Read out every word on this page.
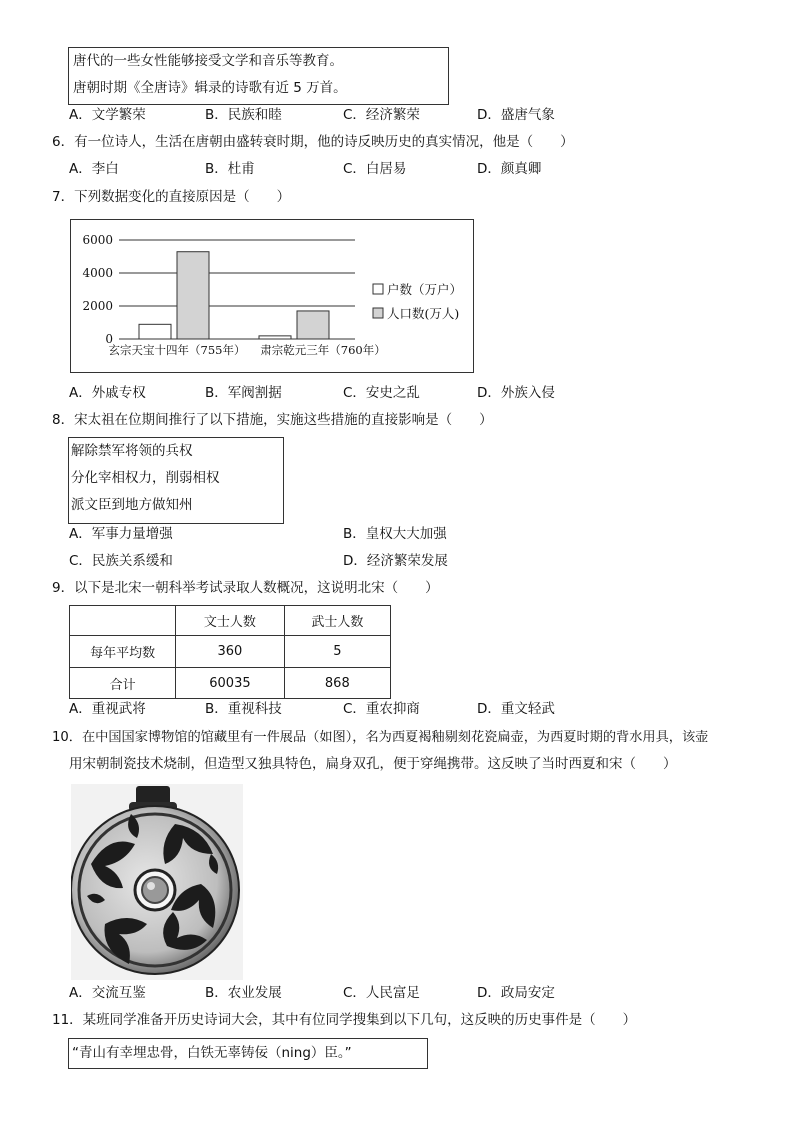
唐代的一些女性能够接受文学和音乐等教育。
唐朝时期《全唐诗》辑录的诗歌有近 5 万首。
A．文学繁荣	B．民族和睦	C．经济繁荣	D．盛唐气象
6．有一位诗人，生活在唐朝由盛转衰时期，他的诗反映历史的真实情况，他是（　　）
A．李白	B．杜甫	C．白居易	D．颜真卿
7．下列数据变化的直接原因是（　　）
0
2000
4000
6000
玄宗天宝十四年（755年） 肃宗乾元三年（760年）
户数（万户）
人口数(万人)
A．外戚专权	B．军阀割据	C．安史之乱	D．外族入侵
8．宋太祖在位期间推行了以下措施，实施这些措施的直接影响是（　　）
解除禁军将领的兵权
分化宰相权力，削弱相权
派文臣到地方做知州
A．军事力量增强	B．皇权大大加强
C．民族关系缓和	D．经济繁荣发展
9．以下是北宋一朝科举考试录取人数概况，这说明北宋（　　）
	文士人数	武士人数
每年平均数	360	5
合计	60035	868
A．重视武将	B．重视科技	C．重农抑商	D．重文轻武
10．在中国国家博物馆的馆藏里有一件展品（如图），名为西夏褐釉剔刻花瓷扁壶，为西夏时期的背水用具，该壶
用宋朝制瓷技术烧制，但造型又独具特色，扁身双孔，便于穿绳携带。这反映了当时西夏和宋（　　）
A．交流互鉴	B．农业发展	C．人民富足	D．政局安定
11．某班同学准备开历史诗词大会，其中有位同学搜集到以下几句，这反映的历史事件是（　　）
“青山有幸埋忠骨，白铁无辜铸佞（ning）臣。”
